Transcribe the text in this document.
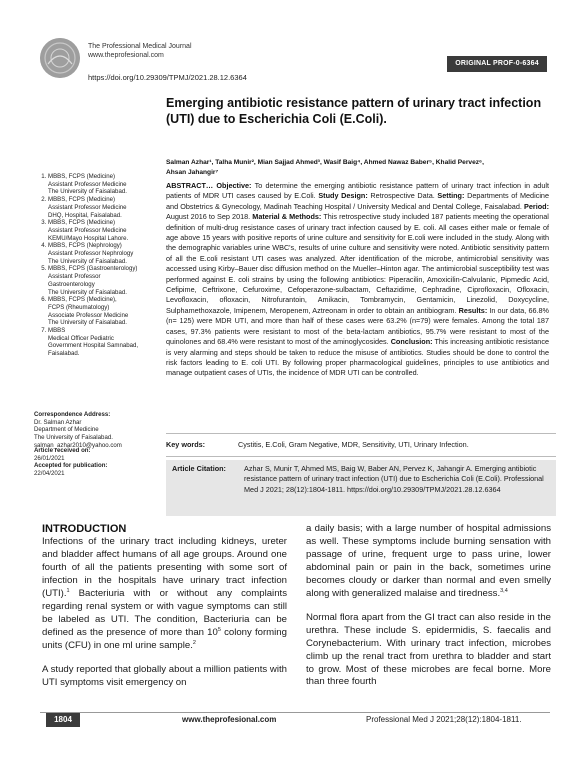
The Professional Medical Journal
www.theprofesional.com
https://doi.org/10.29309/TPMJ/2021.28.12.6364
ORIGINAL PROF-0-6364
Emerging antibiotic resistance pattern of urinary tract infection (UTI) due to Escherichia Coli (E.Coli).
Salman Azhar¹, Talha Munir², Mian Sajjad Ahmed³, Wasif Baig⁴, Ahmed Nawaz Baber⁵, Khalid Pervez⁶,
Ahsan Jahangir⁷
ABSTRACT… Objective: To determine the emerging antibiotic resistance pattern of urinary tract infection in adult patients of MDR UTI cases caused by E.Coli. Study Design: Retrospective Data. Setting: Departments of Medicine and Obstetrics & Gynecology, Madinah Teaching Hospital / University Medical and Dental College, Faisalabad. Period: August 2016 to Sep 2018. Material & Methods: This retrospective study included 187 patients meeting the operational definition of multi-drug resistance cases of urinary tract infection caused by E. coli. All cases either male or female of age above 15 years with positive reports of urine culture and sensitivity for E.coli were included in the study. Along with the demographic variables urine WBC's, results of urine culture and sensitivity were noted. Antibiotic sensitivity pattern of all the E.coli resistant UTI cases was analyzed. After identification of the microbe, antimicrobial sensitivity was accessed using Kirby–Bauer disc diffusion method on the Mueller–Hinton agar. The antimicrobial susceptibility test was performed against E. coli strains by using the following antibiotics: Piperacilin, Amoxicilin-Calvulanic, Pipmedic Acid, Cefipime, Ceftrixone, Cefuroxime, Cefoperazone-sulbactam, Ceftazidime, Cephradine, Ciprofloxacin, Ofloxacin, Levofloxacin, ofloxacin, Nitrofurantoin, Amikacin, Tombramycin, Gentamicin, Linezolid, Doxycycline, Sulphamethoxazole, Imipenem, Meropenem, Aztreonam in order to obtain an antibiogram. Results: In our data, 66.8% (n= 125) were MDR UTI, and more than half of these cases were 63.2% (n=79) were females. Among the total 187 cases, 97.3% patients were resistant to most of the beta-lactam antibiotics, 95.7% were resistant to most of the quinolones and 68.4% were resistant to most of the aminoglycosides. Conclusion: This increasing antibiotic resistance is very alarming and steps should be taken to reduce the misuse of antibiotics. Studies should be done to control the risk factors leading to E. coli UTI. By following proper pharmacological guidelines, principles to use antibiotics and manage outpatient cases of UTIs, the incidence of MDR UTI can be controlled.
Key words:	Cystitis, E.Coli, Gram Negative, MDR, Sensitivity, UTI, Urinary Infection.
Article Citation:	Azhar S, Munir T, Ahmed MS, Baig W, Baber AN, Pervez K, Jahangir A. Emerging antibiotic resistance pattern of urinary tract infection (UTI) due to Escherichia Coli (E.Coli). Professional Med J 2021; 28(12):1804-1811. https://doi.org/10.29309/TPMJ/2021.28.12.6364
1. MBBS, FCPS (Medicine)
Assistant Professor Medicine
The University of Faisalabad.
2. MBBS, FCPS (Medicine)
Assistant Professor Medicine
DHQ, Hospital, Faisalabad.
3. MBBS, FCPS (Medicine)
Assistant Professor Medicine
KEMU/Mayo Hospital Lahore.
4. MBBS, FCPS (Nephrology)
Assistant Professor Nephrology
The University of Faisalabad.
5. MBBS, FCPS (Gastroenterology)
Assistant Professor
Gastroenterology
The University of Faisalabad.
6. MBBS, FCPS (Medicine),
FCPS (Rheumatology)
Associate Professor Medicine
The University of Faisalabad.
7. MBBS
Medical Officer Pediatric
Government Hospital Samnabad,
Faisalabad.
Correspondence Address:
Dr. Salman Azhar
Department of Medicine
The University of Faisalabad.
salman_azhar2010@yahoo.com
Article received on:
26/01/2021
Accepted for publication:
22/04/2021
INTRODUCTION

Infections of the urinary tract including kidneys, ureter and bladder affect humans of all age groups. Around one fourth of all the patients presenting with some sort of infection in the hospitals have urinary tract infection (UTI).$^1$ Bacteriuria with or without any complaints regarding renal system or with vague symptoms can still be labeled as UTI. The condition, Bacteriuria can be defined as the presence of more than $10^5$ colony forming units (CFU) in one ml urine sample.$^2$

A study reported that globally about a million patients with UTI symptoms visit emergency on

a daily basis; with a large number of hospital admissions as well. These symptoms include burning sensation with passage of urine, frequent urge to pass urine, lower abdominal pain or pain in the back, sometimes urine becomes cloudy or darker than normal and even smelly along with generalized malaise and tiredness.$^{3,4}$

Normal flora apart from the GI tract can also reside in the urethra. These include S. epidermidis, S. faecalis and Corynebacterium. With urinary tract infection, microbes climb up the renal tract from urethra to bladder and start to grow. Most of these microbes are fecal borne. More than three fourth

1804	www.theprofesional.com	Professional Med J 2021;28(12):1804-1811.
